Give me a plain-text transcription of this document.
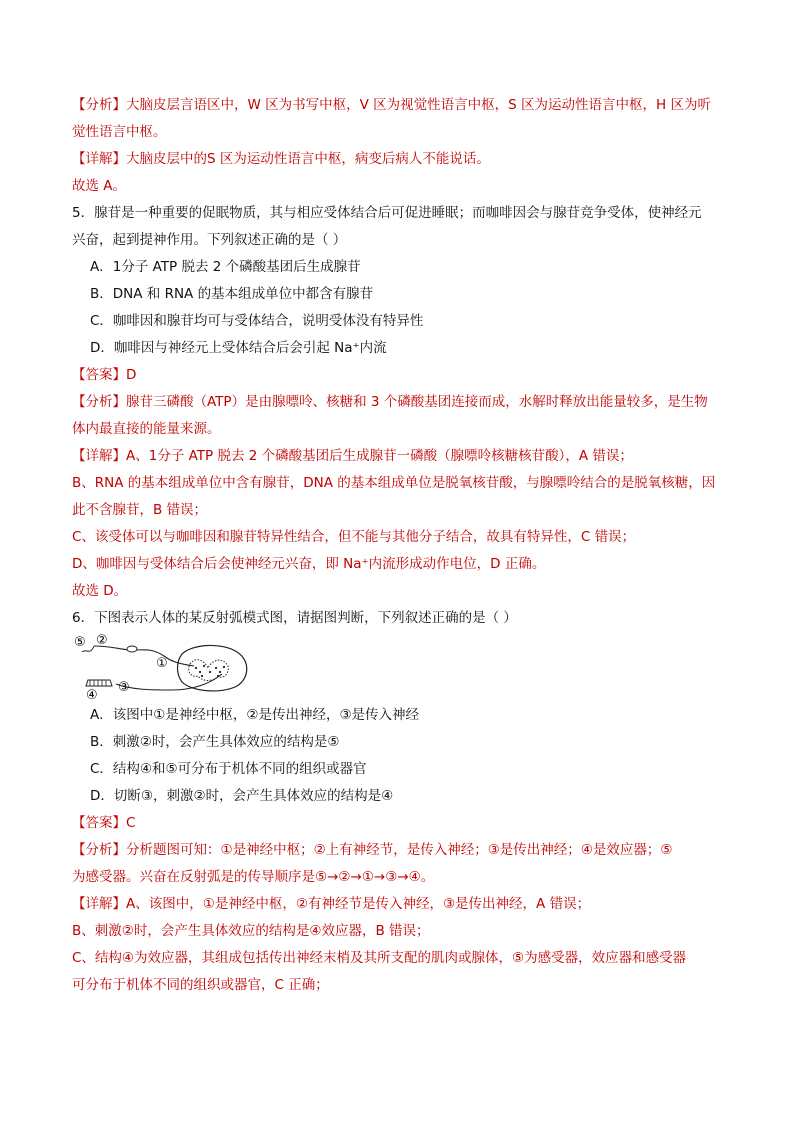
【分析】大脑皮层言语区中，W 区为书写中枢，V 区为视觉性语言中枢，S 区为运动性语言中枢，H 区为听

觉性语言中枢。

【详解】大脑皮层中的S 区为运动性语言中枢，病变后病人不能说话。

故选 A。

5．腺苷是一种重要的促眠物质，其与相应受体结合后可促进睡眠；而咖啡因会与腺苷竞争受体，使神经元

兴奋，起到提神作用。下列叙述正确的是（ ）

A．1分子 ATP 脱去 2 个磷酸基团后生成腺苷

B．DNA 和 RNA 的基本组成单位中都含有腺苷

C．咖啡因和腺苷均可与受体结合，说明受体没有特异性

D．咖啡因与神经元上受体结合后会引起 Na⁺内流

【答案】D

【分析】腺苷三磷酸（ATP）是由腺嘌呤、核糖和 3 个磷酸基团连接而成，水解时释放出能量较多，是生物

体内最直接的能量来源。

【详解】A、1分子 ATP 脱去 2 个磷酸基团后生成腺苷一磷酸（腺嘌呤核糖核苷酸），A 错误；

B、RNA 的基本组成单位中含有腺苷，DNA 的基本组成单位是脱氧核苷酸，与腺嘌呤结合的是脱氧核糖，因

此不含腺苷，B 错误；

C、该受体可以与咖啡因和腺苷特异性结合，但不能与其他分子结合，故具有特异性，C 错误；

D、咖啡因与受体结合后会使神经元兴奋，即 Na⁺内流形成动作电位，D 正确。

故选 D。

6．下图表示人体的某反射弧模式图，请据图判断，下列叙述正确的是（ ）

⑤ ②
①
③
④

A．该图中①是神经中枢，②是传出神经，③是传入神经

B．刺激②时，会产生具体效应的结构是⑤

C．结构④和⑤可分布于机体不同的组织或器官

D．切断③，刺激②时，会产生具体效应的结构是④

【答案】C

【分析】分析题图可知：①是神经中枢；②上有神经节，是传入神经；③是传出神经；④是效应器；⑤

为感受器。兴奋在反射弧是的传导顺序是⑤→②→①→③→④。

【详解】A、该图中，①是神经中枢，②有神经节是传入神经，③是传出神经，A 错误；

B、刺激②时，会产生具体效应的结构是④效应器，B 错误；

C、结构④为效应器，其组成包括传出神经末梢及其所支配的肌肉或腺体，⑤为感受器，效应器和感受器

可分布于机体不同的组织或器官，C 正确；
